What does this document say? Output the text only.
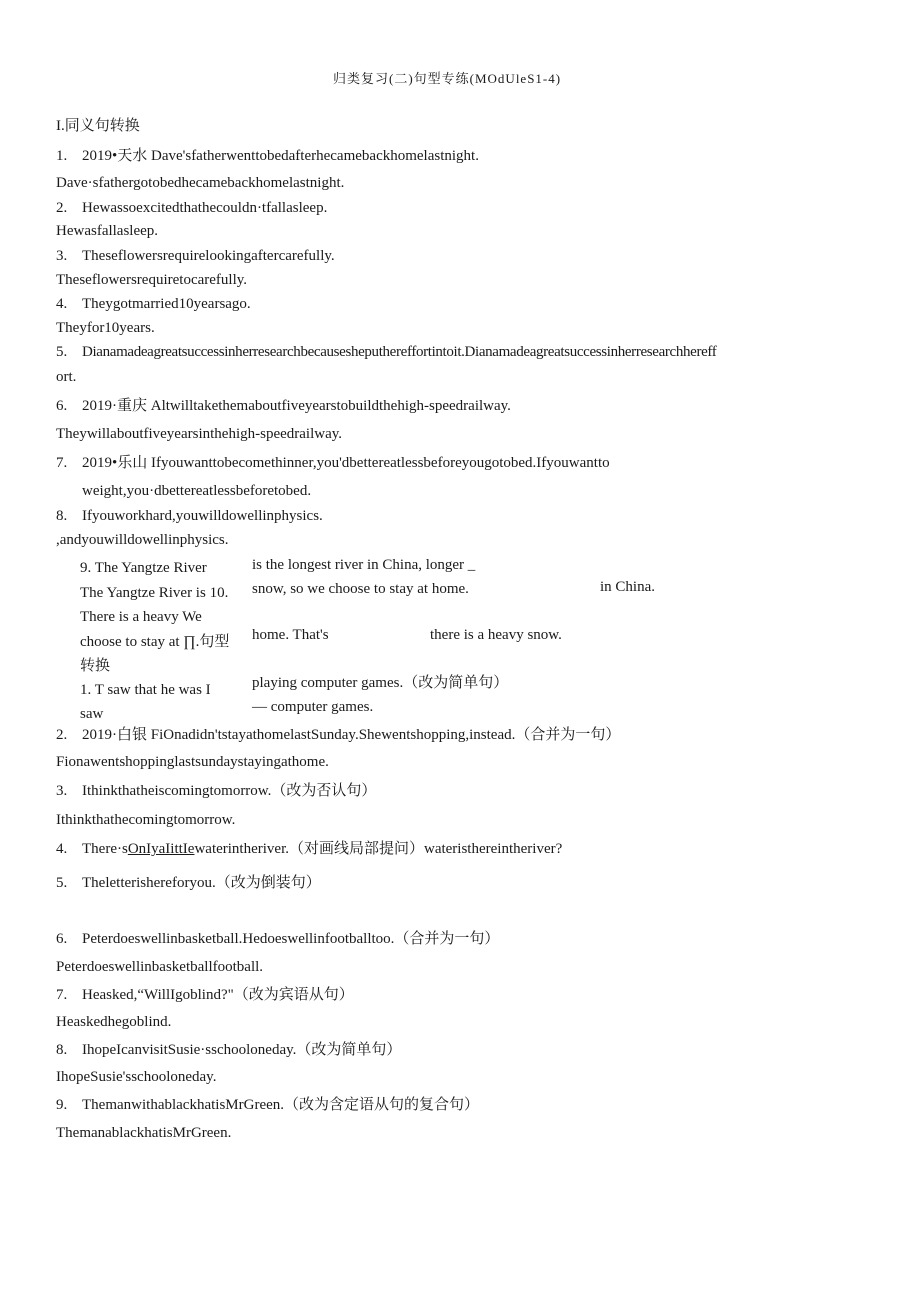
归类复习(二)句型专练(MOdUleS1-4)
I.同义句转换
1. 2019•天水 Dave'sfatherwenttobedafterhecamebackhomelastnight.
Dave·sfathergotobedhecamebackhomelastnight.
2. Hewassoexcitedthathecouldn·tfallasleep.
Hewasfallasleep.
3. Theseflowersrequirelookingaftercarefully.
Theseflowersrequiretocarefully.
4. Theygotmarried10yearsago.
Theyfor10years.
5. Dianamadeagreatsuccessinherresearchbecausesheputhereffortintoit.Dianamadeagreatsuccessinherresearchhereff
ort.
6. 2019·重庆 Altwilltakethemaboutfiveyearstobuildthehigh-speedrailway.
Theywillaboutfiveyearsinthehigh-speedrailway.
7. 2019•乐山 Ifyouwanttobecomethinner,you'dbettereatlessbeforeyougotobed.Ifyouwantto
weight,you·dbettereatlessbeforetobed.
8. Ifyouworkhard,youwilldowellinphysics.
,andyouwilldowellinphysics.
9. The Yangtze River
The Yangtze River is 10.
There is a heavy We
choose to stay at ∏.句型
转换
is the longest river in China, longer _
snow, so we choose to stay at home.	in China.
home. That's	there is a heavy snow.
1. T saw that he was I
saw
playing computer games.（改为简单句）
— computer games.
2. 2019·白银 FiOnadidn'tstayathomelastSunday.Shewentshopping,instead.（合并为一句）
Fionawentshoppinglastsundaystayingathome.
3. Ithinkthatheiscomingtomorrow.（改为否认句）
Ithinkthathecomingtomorrow.
4. There·sOnIyaIittIewaterintheriver.（对画线局部提问）wateristhereintheriver?
5. Theletterishereforyou.（改为倒装句）
6. Peterdoeswellinbasketball.Hedoeswellinfootballtoo.（合并为一句）
Peterdoeswellinbasketballfootball.
7. Heasked,“WillIgoblind?"（改为宾语从句）
Heaskedhegoblind.
8. IhopeIcanvisitSusie·sschooloneday.（改为简单句）
IhopeSusie'sschooloneday.
9. ThemanwithablackhatisMrGreen.（改为含定语从句的复合句）
ThemanablackhatisMrGreen.
